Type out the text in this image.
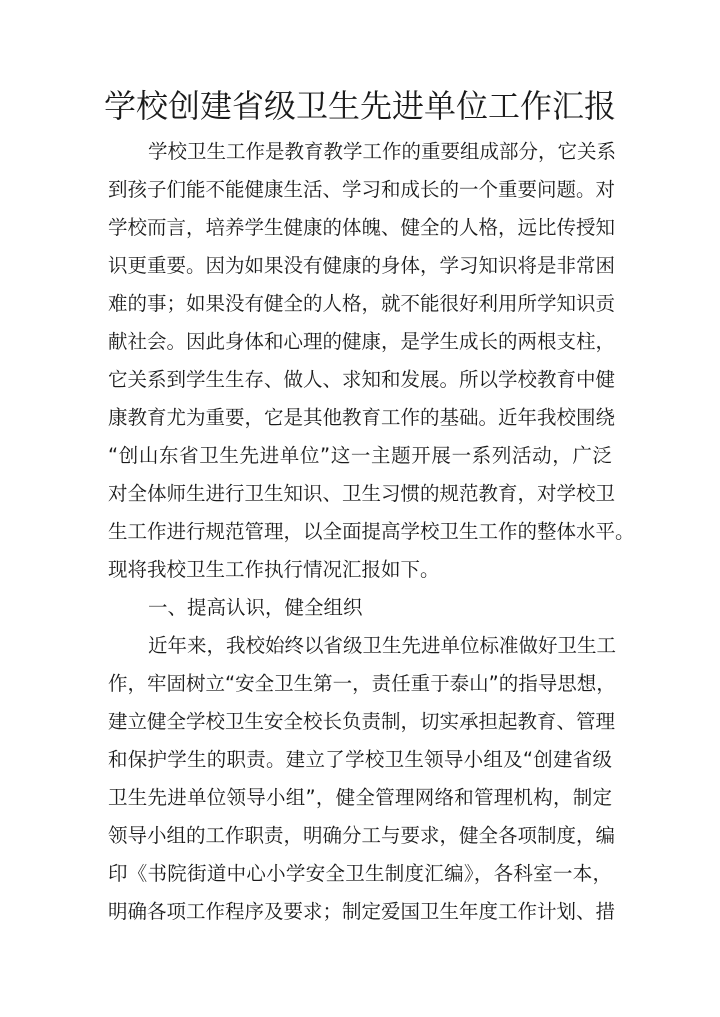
学校创建省级卫生先进单位工作汇报
学校卫生工作是教育教学工作的重要组成部分，它关系
到孩子们能不能健康生活、学习和成长的一个重要问题。对
学校而言，培养学生健康的体魄、健全的人格，远比传授知
识更重要。因为如果没有健康的身体，学习知识将是非常困
难的事；如果没有健全的人格，就不能很好利用所学知识贡
献社会。因此身体和心理的健康，是学生成长的两根支柱，
它关系到学生生存、做人、求知和发展。所以学校教育中健
康教育尤为重要，它是其他教育工作的基础。近年我校围绕
“创山东省卫生先进单位”这一主题开展一系列活动，广泛
对全体师生进行卫生知识、卫生习惯的规范教育，对学校卫
生工作进行规范管理，以全面提高学校卫生工作的整体水平。
现将我校卫生工作执行情况汇报如下。
一、提高认识，健全组织
近年来，我校始终以省级卫生先进单位标准做好卫生工
作，牢固树立“安全卫生第一，责任重于泰山”的指导思想，
建立健全学校卫生安全校长负责制，切实承担起教育、管理
和保护学生的职责。建立了学校卫生领导小组及“创建省级
卫生先进单位领导小组”，健全管理网络和管理机构，制定
领导小组的工作职责，明确分工与要求，健全各项制度，编
印《书院街道中心小学安全卫生制度汇编》，各科室一本，
明确各项工作程序及要求；制定爱国卫生年度工作计划、措
